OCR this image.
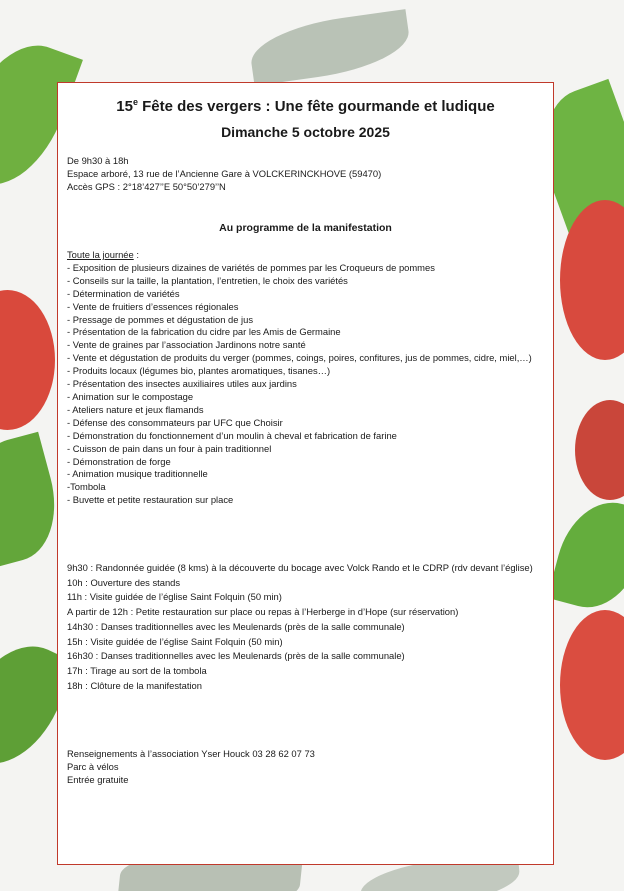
15e Fête des vergers : Une fête gourmande et ludique
Dimanche 5 octobre 2025
De 9h30 à 18h
Espace arboré, 13 rue de l’Ancienne Gare à VOLCKERINCKHOVE (59470)
Accès GPS : 2°18’427’’E 50°50’279’’N
Au programme de la manifestation
Toute la journée :
- Exposition de plusieurs dizaines de variétés de pommes par les Croqueurs de pommes
- Conseils sur la taille, la plantation, l’entretien, le choix des variétés
- Détermination de variétés
- Vente de fruitiers d’essences régionales
- Pressage de pommes et dégustation de jus
- Présentation de la fabrication du cidre par les Amis de Germaine
- Vente de graines par l’association Jardinons notre santé
- Vente et dégustation de produits du verger (pommes, coings, poires, confitures, jus de pommes, cidre, miel,…)
- Produits locaux (légumes bio, plantes aromatiques, tisanes…)
- Présentation des insectes auxiliaires utiles aux jardins
- Animation sur le compostage
- Ateliers nature et jeux flamands
- Défense des consommateurs par UFC que Choisir
- Démonstration du fonctionnement d’un moulin à cheval et fabrication de farine
- Cuisson de pain dans un four à pain traditionnel
- Démonstration de forge
- Animation musique traditionnelle
-Tombola
- Buvette et petite restauration sur place
9h30 : Randonnée guidée (8 kms) à la découverte du bocage avec Volck Rando et le CDRP (rdv devant l’église)
10h : Ouverture des stands
11h : Visite guidée de l’église Saint Folquin (50 min)
A partir de 12h : Petite restauration sur place ou repas à l’Herberge in d’Hope (sur réservation)
14h30 : Danses traditionnelles avec les Meulenards (près de la salle communale)
15h : Visite guidée de l’église Saint Folquin (50 min)
16h30 : Danses traditionnelles avec les Meulenards (près de la salle communale)
17h : Tirage au sort de la tombola
18h : Clôture de la manifestation
Renseignements à l’association Yser Houck 03 28 62 07 73
Parc à vélos
Entrée gratuite
